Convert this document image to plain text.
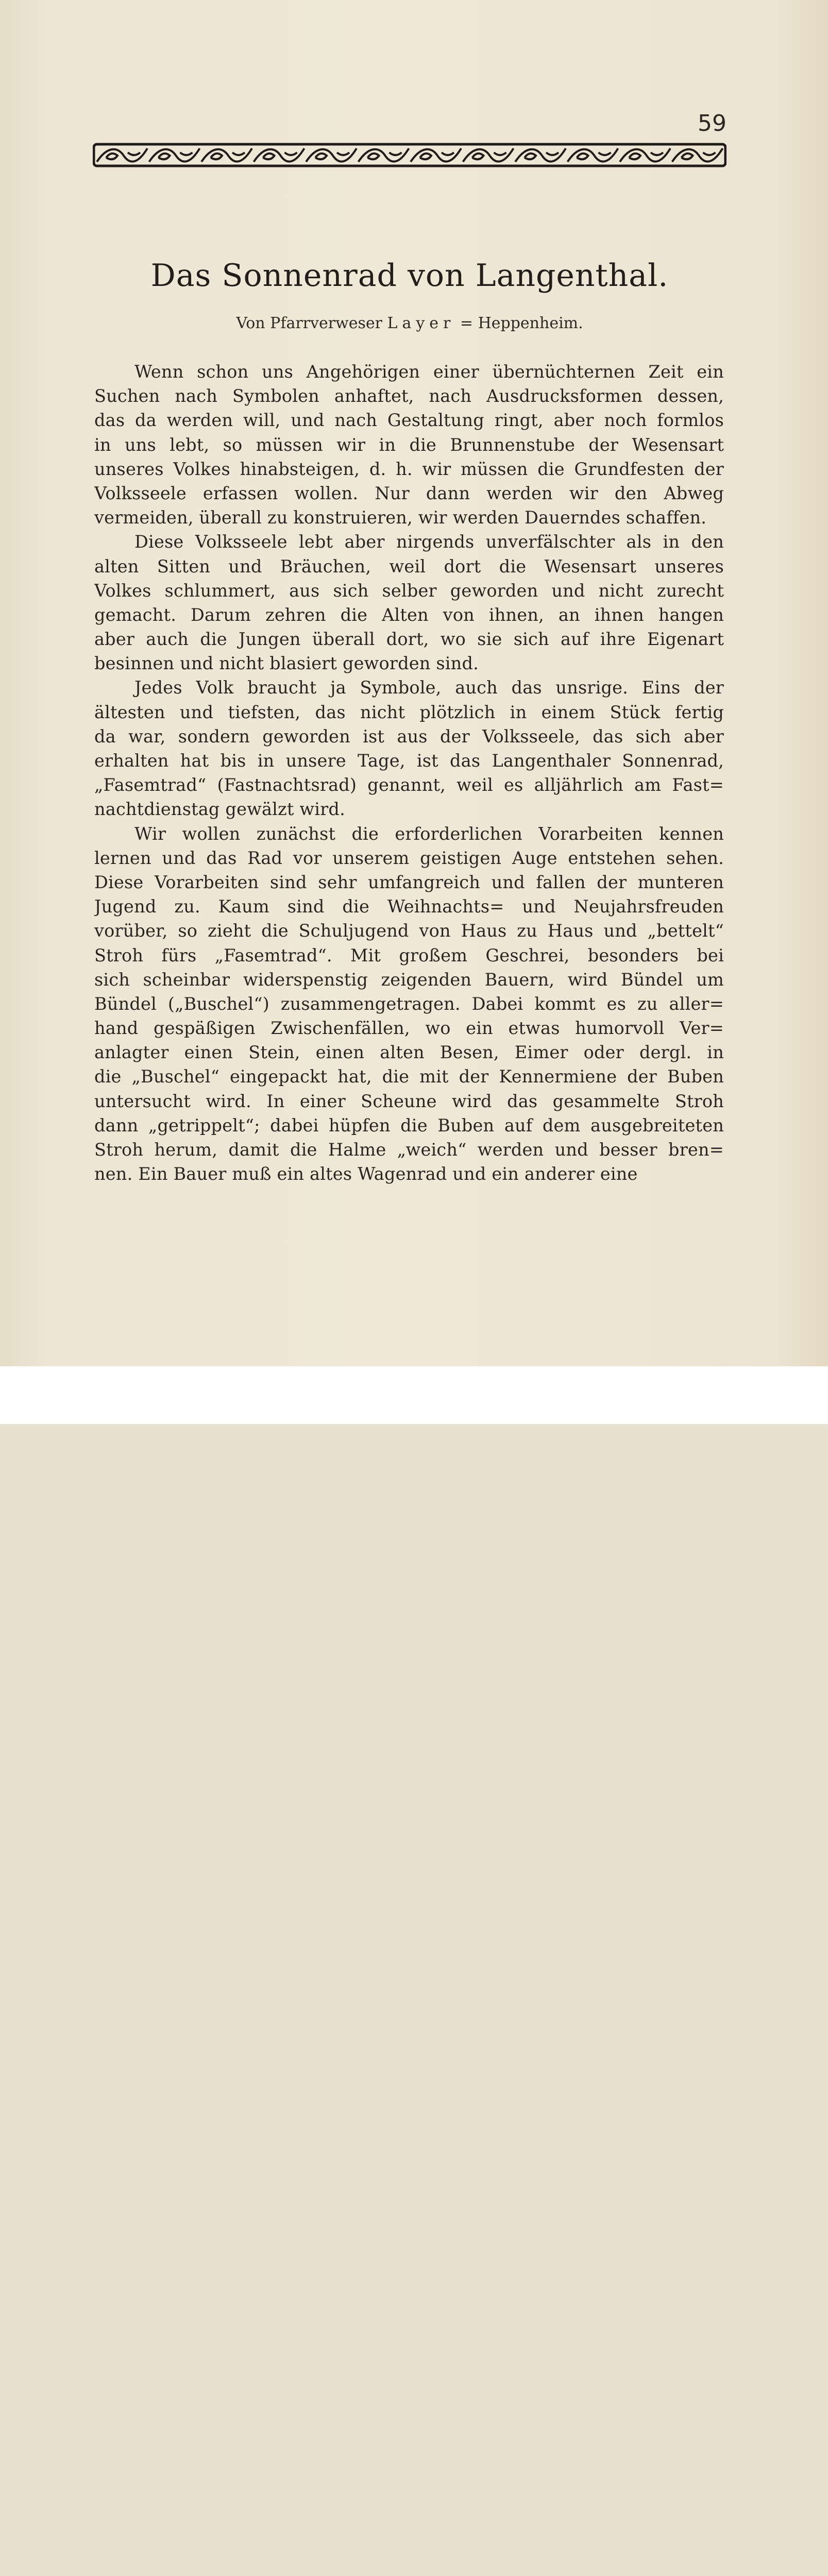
59
Das Sonnenrad von Langenthal.
Von Pfarrverweser Layer = Heppenheim.
Wenn schon uns Angehörigen einer übernüchternen Zeit ein
Suchen nach Symbolen anhaftet, nach Ausdrucksformen dessen,
das da werden will, und nach Gestaltung ringt, aber noch formlos
in uns lebt, so müssen wir in die Brunnenstube der Wesensart
unseres Volkes hinabsteigen, d. h. wir müssen die Grundfesten der
Volksseele erfassen wollen. Nur dann werden wir den Abweg
vermeiden, überall zu konstruieren, wir werden Dauerndes schaffen.
Diese Volksseele lebt aber nirgends unverfälschter als in den
alten Sitten und Bräuchen, weil dort die Wesensart unseres
Volkes schlummert, aus sich selber geworden und nicht zurecht
gemacht. Darum zehren die Alten von ihnen, an ihnen hangen
aber auch die Jungen überall dort, wo sie sich auf ihre Eigenart
besinnen und nicht blasiert geworden sind.
Jedes Volk braucht ja Symbole, auch das unsrige. Eins der
ältesten und tiefsten, das nicht plötzlich in einem Stück fertig
da war, sondern geworden ist aus der Volksseele, das sich aber
erhalten hat bis in unsere Tage, ist das Langenthaler Sonnenrad,
„Fasemtrad“ (Fastnachtsrad) genannt, weil es alljährlich am Fast=
nachtdienstag gewälzt wird.
Wir wollen zunächst die erforderlichen Vorarbeiten kennen
lernen und das Rad vor unserem geistigen Auge entstehen sehen.
Diese Vorarbeiten sind sehr umfangreich und fallen der munteren
Jugend zu. Kaum sind die Weihnachts= und Neujahrsfreuden
vorüber, so zieht die Schuljugend von Haus zu Haus und „bettelt“
Stroh fürs „Fasemtrad“. Mit großem Geschrei, besonders bei
sich scheinbar widerspenstig zeigenden Bauern, wird Bündel um
Bündel („Buschel“) zusammengetragen. Dabei kommt es zu aller=
hand gespäßigen Zwischenfällen, wo ein etwas humorvoll Ver=
anlagter einen Stein, einen alten Besen, Eimer oder dergl. in
die „Buschel“ eingepackt hat, die mit der Kennermiene der Buben
untersucht wird. In einer Scheune wird das gesammelte Stroh
dann „getrippelt“; dabei hüpfen die Buben auf dem ausgebreiteten
Stroh herum, damit die Halme „weich“ werden und besser bren=
nen. Ein Bauer muß ein altes Wagenrad und ein anderer eine
